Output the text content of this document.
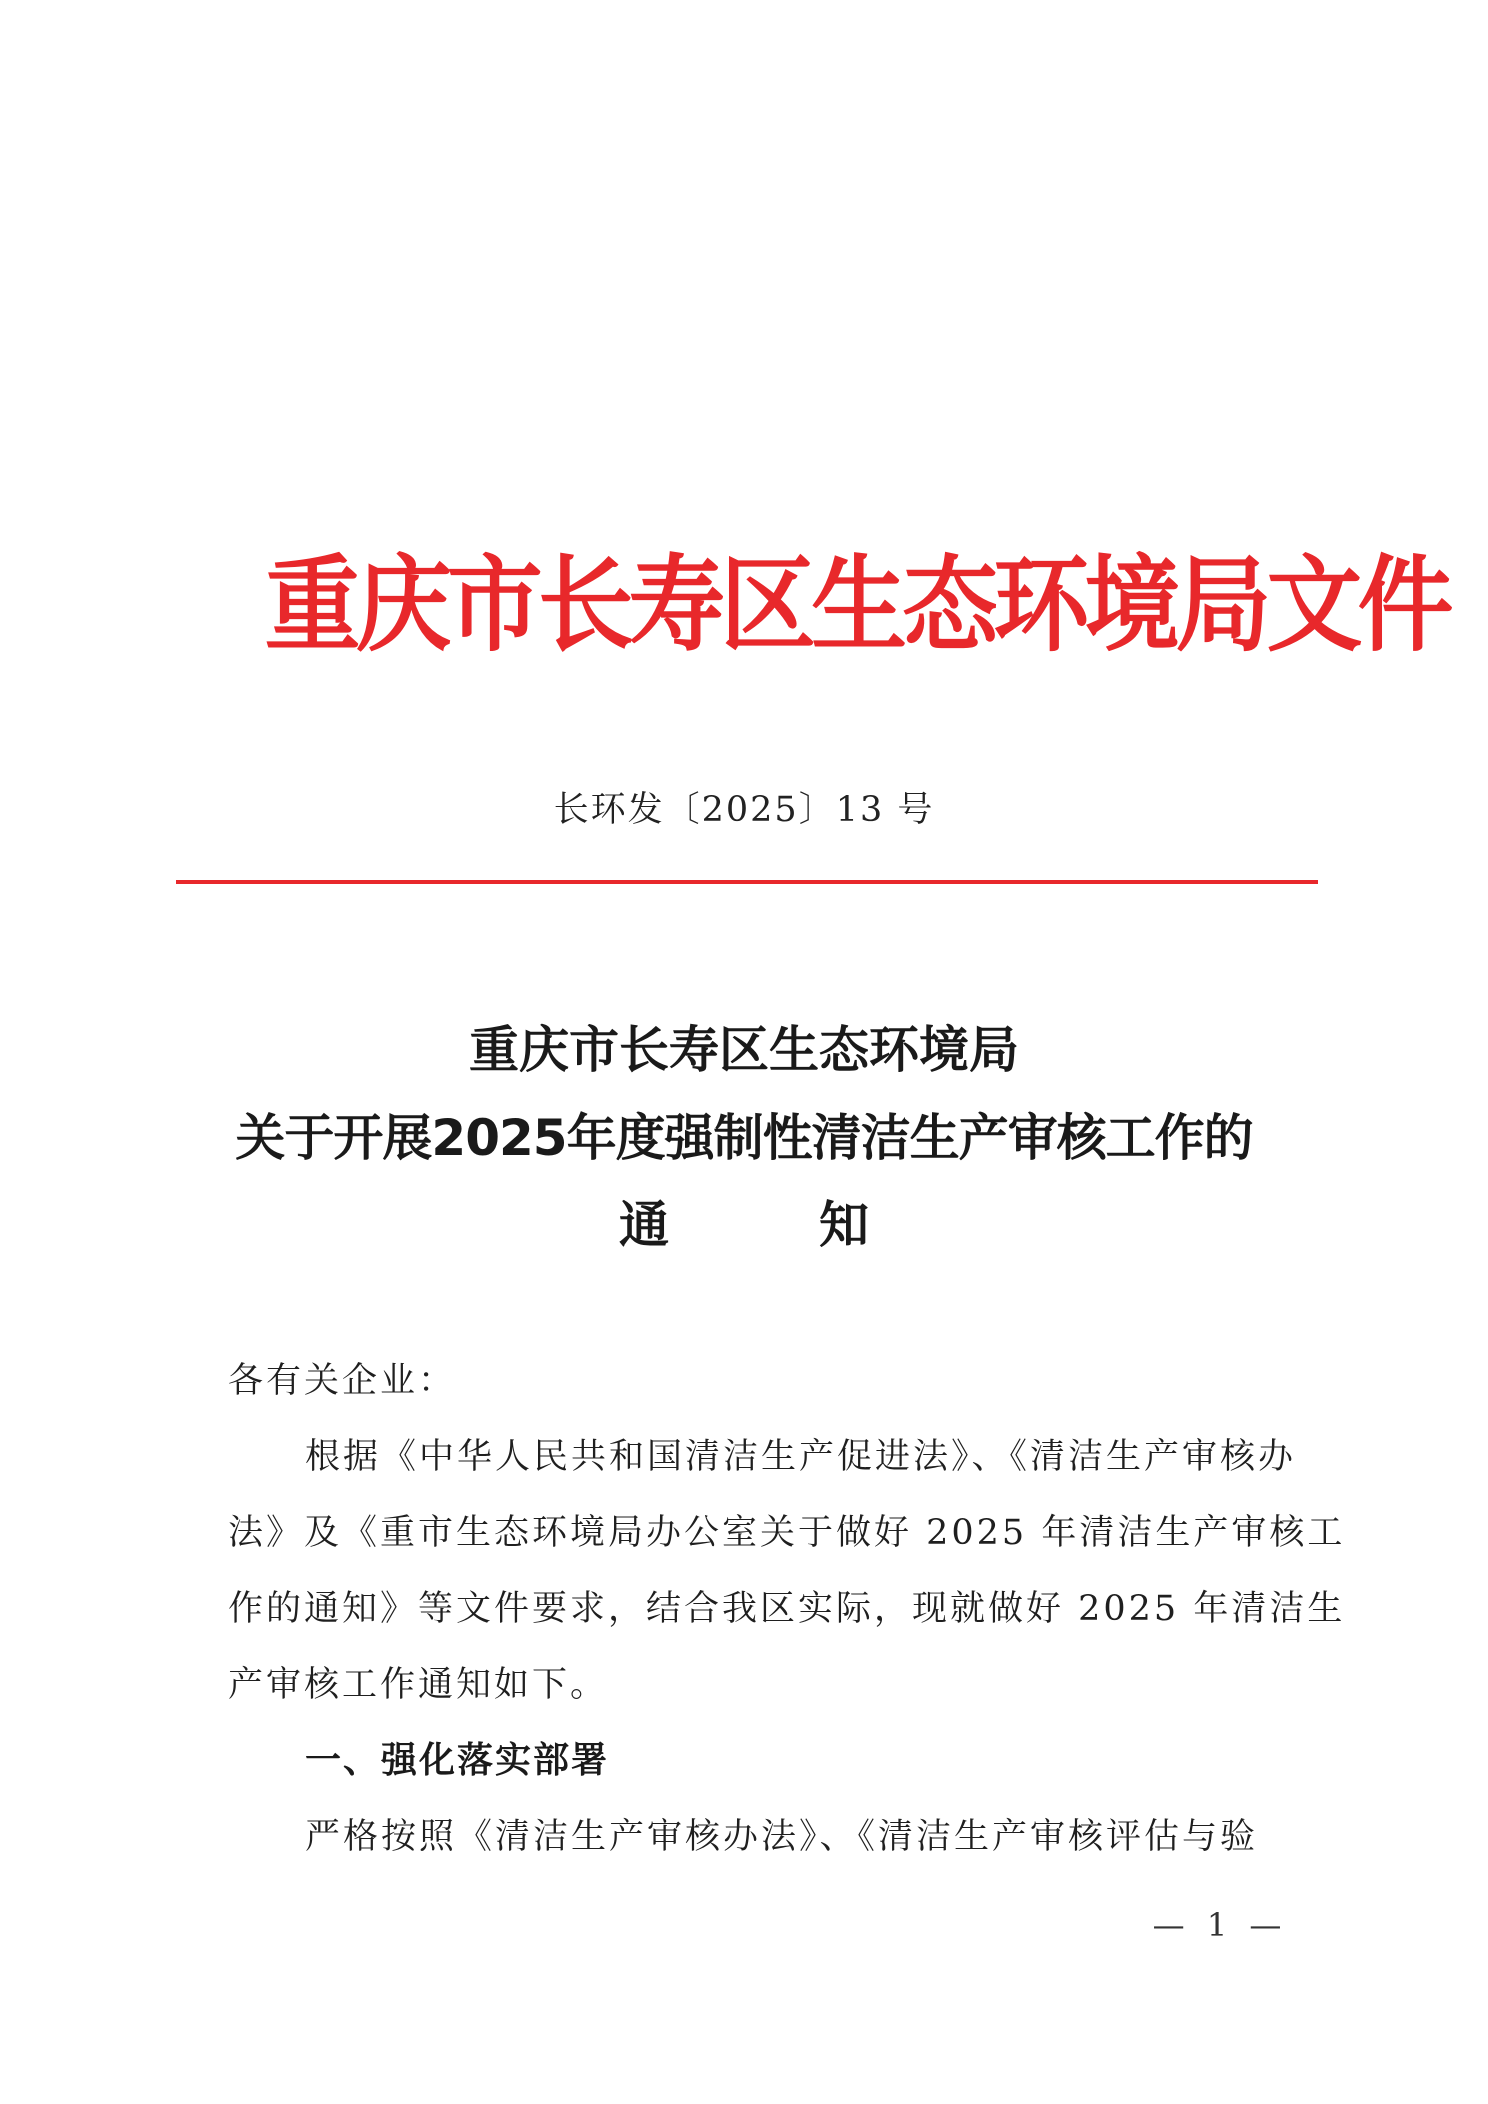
重庆市长寿区生态环境局文件
长环发〔2025〕13 号
重庆市长寿区生态环境局
关于开展2025年度强制性清洁生产审核工作的
通	知
各有关企业：
根据《中华人民共和国清洁生产促进法》、《清洁生产审核办
法》及《重市生态环境局办公室关于做好 2025 年清洁生产审核工
作的通知》等文件要求，结合我区实际，现就做好 2025 年清洁生
产审核工作通知如下。
一、强化落实部署
严格按照《清洁生产审核办法》、《清洁生产审核评估与验
— 1 —
